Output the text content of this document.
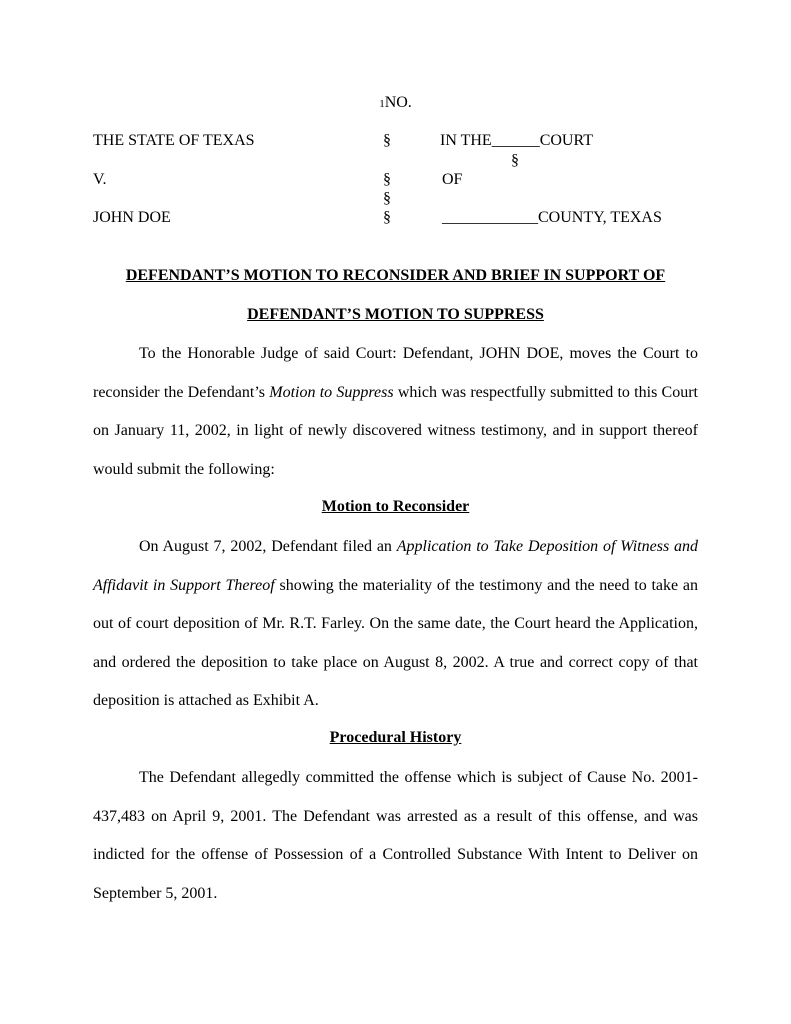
1NO.
THE STATE OF TEXAS
V.
JOHN DOE
§
§
§
§
§
IN THE______COURT
OF
____________COUNTY, TEXAS
DEFENDANT’S MOTION TO RECONSIDER AND BRIEF IN SUPPORT OF
DEFENDANT’S MOTION TO SUPPRESS

To the Honorable Judge of said Court: Defendant, JOHN DOE, moves the Court to reconsider the Defendant’s Motion to Suppress which was respectfully submitted to this Court on January 11, 2002, in light of newly discovered witness testimony, and in support thereof would submit the following:

Motion to Reconsider

On August 7, 2002, Defendant filed an Application to Take Deposition of Witness and Affidavit in Support Thereof showing the materiality of the testimony and the need to take an out of court deposition of Mr. R.T. Farley. On the same date, the Court heard the Application, and ordered the deposition to take place on August 8, 2002. A true and correct copy of that deposition is attached as Exhibit A.

Procedural History

The Defendant allegedly committed the offense which is subject of Cause No. 2001-437,483 on April 9, 2001. The Defendant was arrested as a result of this offense, and was indicted for the offense of Possession of a Controlled Substance With Intent to Deliver on September 5, 2001.
